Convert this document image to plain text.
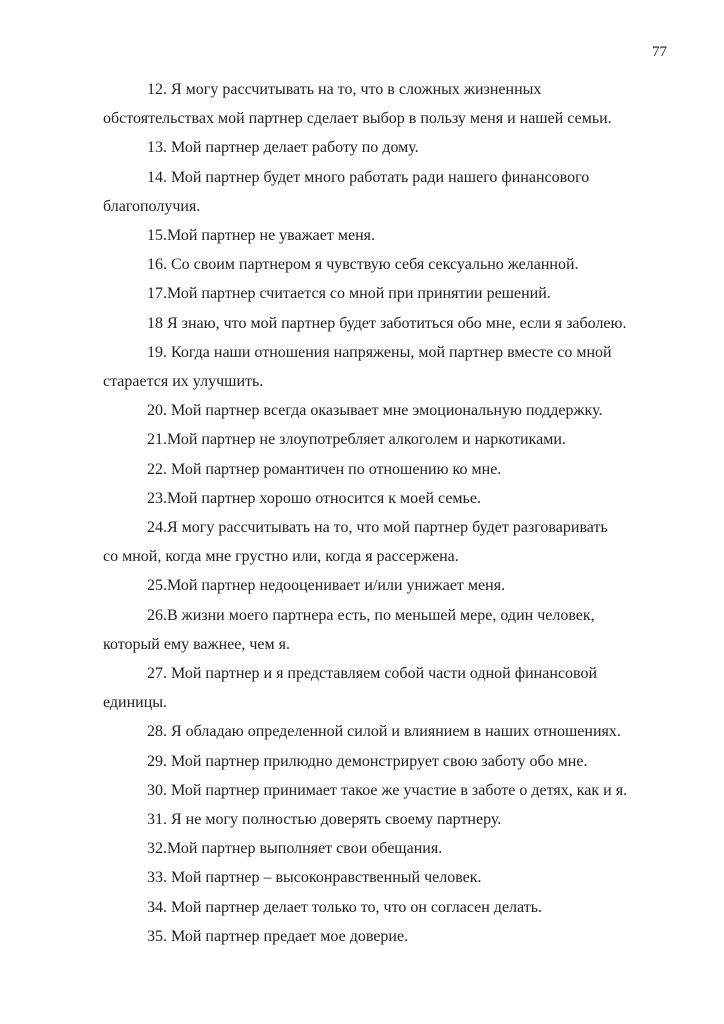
77

12. Я могу рассчитывать на то, что в сложных жизненных
обстоятельствах мой партнер сделает выбор в пользу меня и нашей семьи.

13. Мой партнер делает работу по дому.

14. Мой партнер будет много работать ради нашего финансового
благополучия.

15.Мой партнер не уважает меня.

16. Со своим партнером я чувствую себя сексуально желанной.

17.Мой партнер считается со мной при принятии решений.

18 Я знаю, что мой партнер будет заботиться обо мне, если я заболею.

19. Когда наши отношения напряжены, мой партнер вместе со мной
старается их улучшить.

20. Мой партнер всегда оказывает мне эмоциональную поддержку.

21.Мой партнер не злоупотребляет алкоголем и наркотиками.

22. Мой партнер романтичен по отношению ко мне.

23.Мой партнер хорошо относится к моей семье.

24.Я могу рассчитывать на то, что мой партнер будет разговаривать
со мной, когда мне грустно или, когда я рассержена.

25.Мой партнер недооценивает и/или унижает меня.

26.В жизни моего партнера есть, по меньшей мере, один человек,
который ему важнее, чем я.

27. Мой партнер и я представляем собой части одной финансовой
единицы.

28. Я обладаю определенной силой и влиянием в наших отношениях.

29. Мой партнер прилюдно демонстрирует свою заботу обо мне.

30. Мой партнер принимает такое же участие в заботе о детях, как и я.

31. Я не могу полностью доверять своему партнеру.

32.Мой партнер выполняет свои обещания.

33. Мой партнер – высоконравственный человек.

34. Мой партнер делает только то, что он согласен делать.

35. Мой партнер предает мое доверие.
